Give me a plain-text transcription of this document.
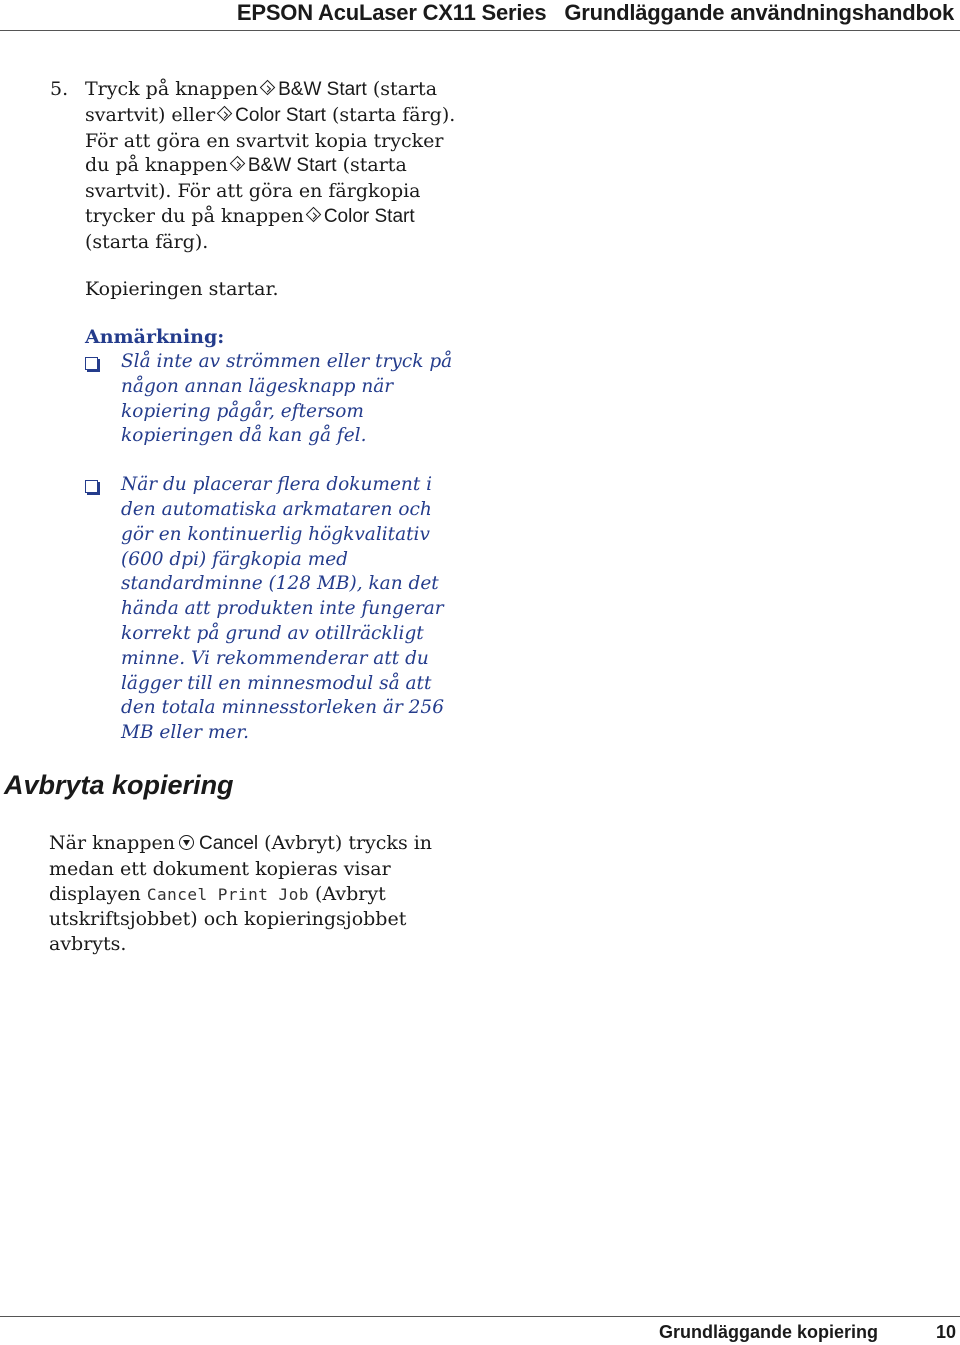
EPSON AcuLaser CX11 Series Grundläggande användningshandbok
5. Tryck på knappen B&W Start (starta svartvit) eller Color Start (starta färg). För att göra en svartvit kopia trycker du på knappen B&W Start (starta svartvit). För att göra en färgkopia trycker du på knappen Color Start (starta färg).
Kopieringen startar.
Anmärkning:
Slå inte av strömmen eller tryck på någon annan lägesknapp när kopiering pågår, eftersom kopieringen då kan gå fel.
När du placerar flera dokument i den automatiska arkmataren och gör en kontinuerlig högkvalitativ (600 dpi) färgkopia med standardminne (128 MB), kan det hända att produkten inte fungerar korrekt på grund av otillräckligt minne. Vi rekommenderar att du lägger till en minnesmodul så att den totala minnesstorleken är 256 MB eller mer.
Avbryta kopiering
När knappen Cancel (Avbryt) trycks in medan ett dokument kopieras visar displayen Cancel Print Job (Avbryt utskriftsjobbet) och kopieringsjobbet avbryts.
Grundläggande kopiering	10
